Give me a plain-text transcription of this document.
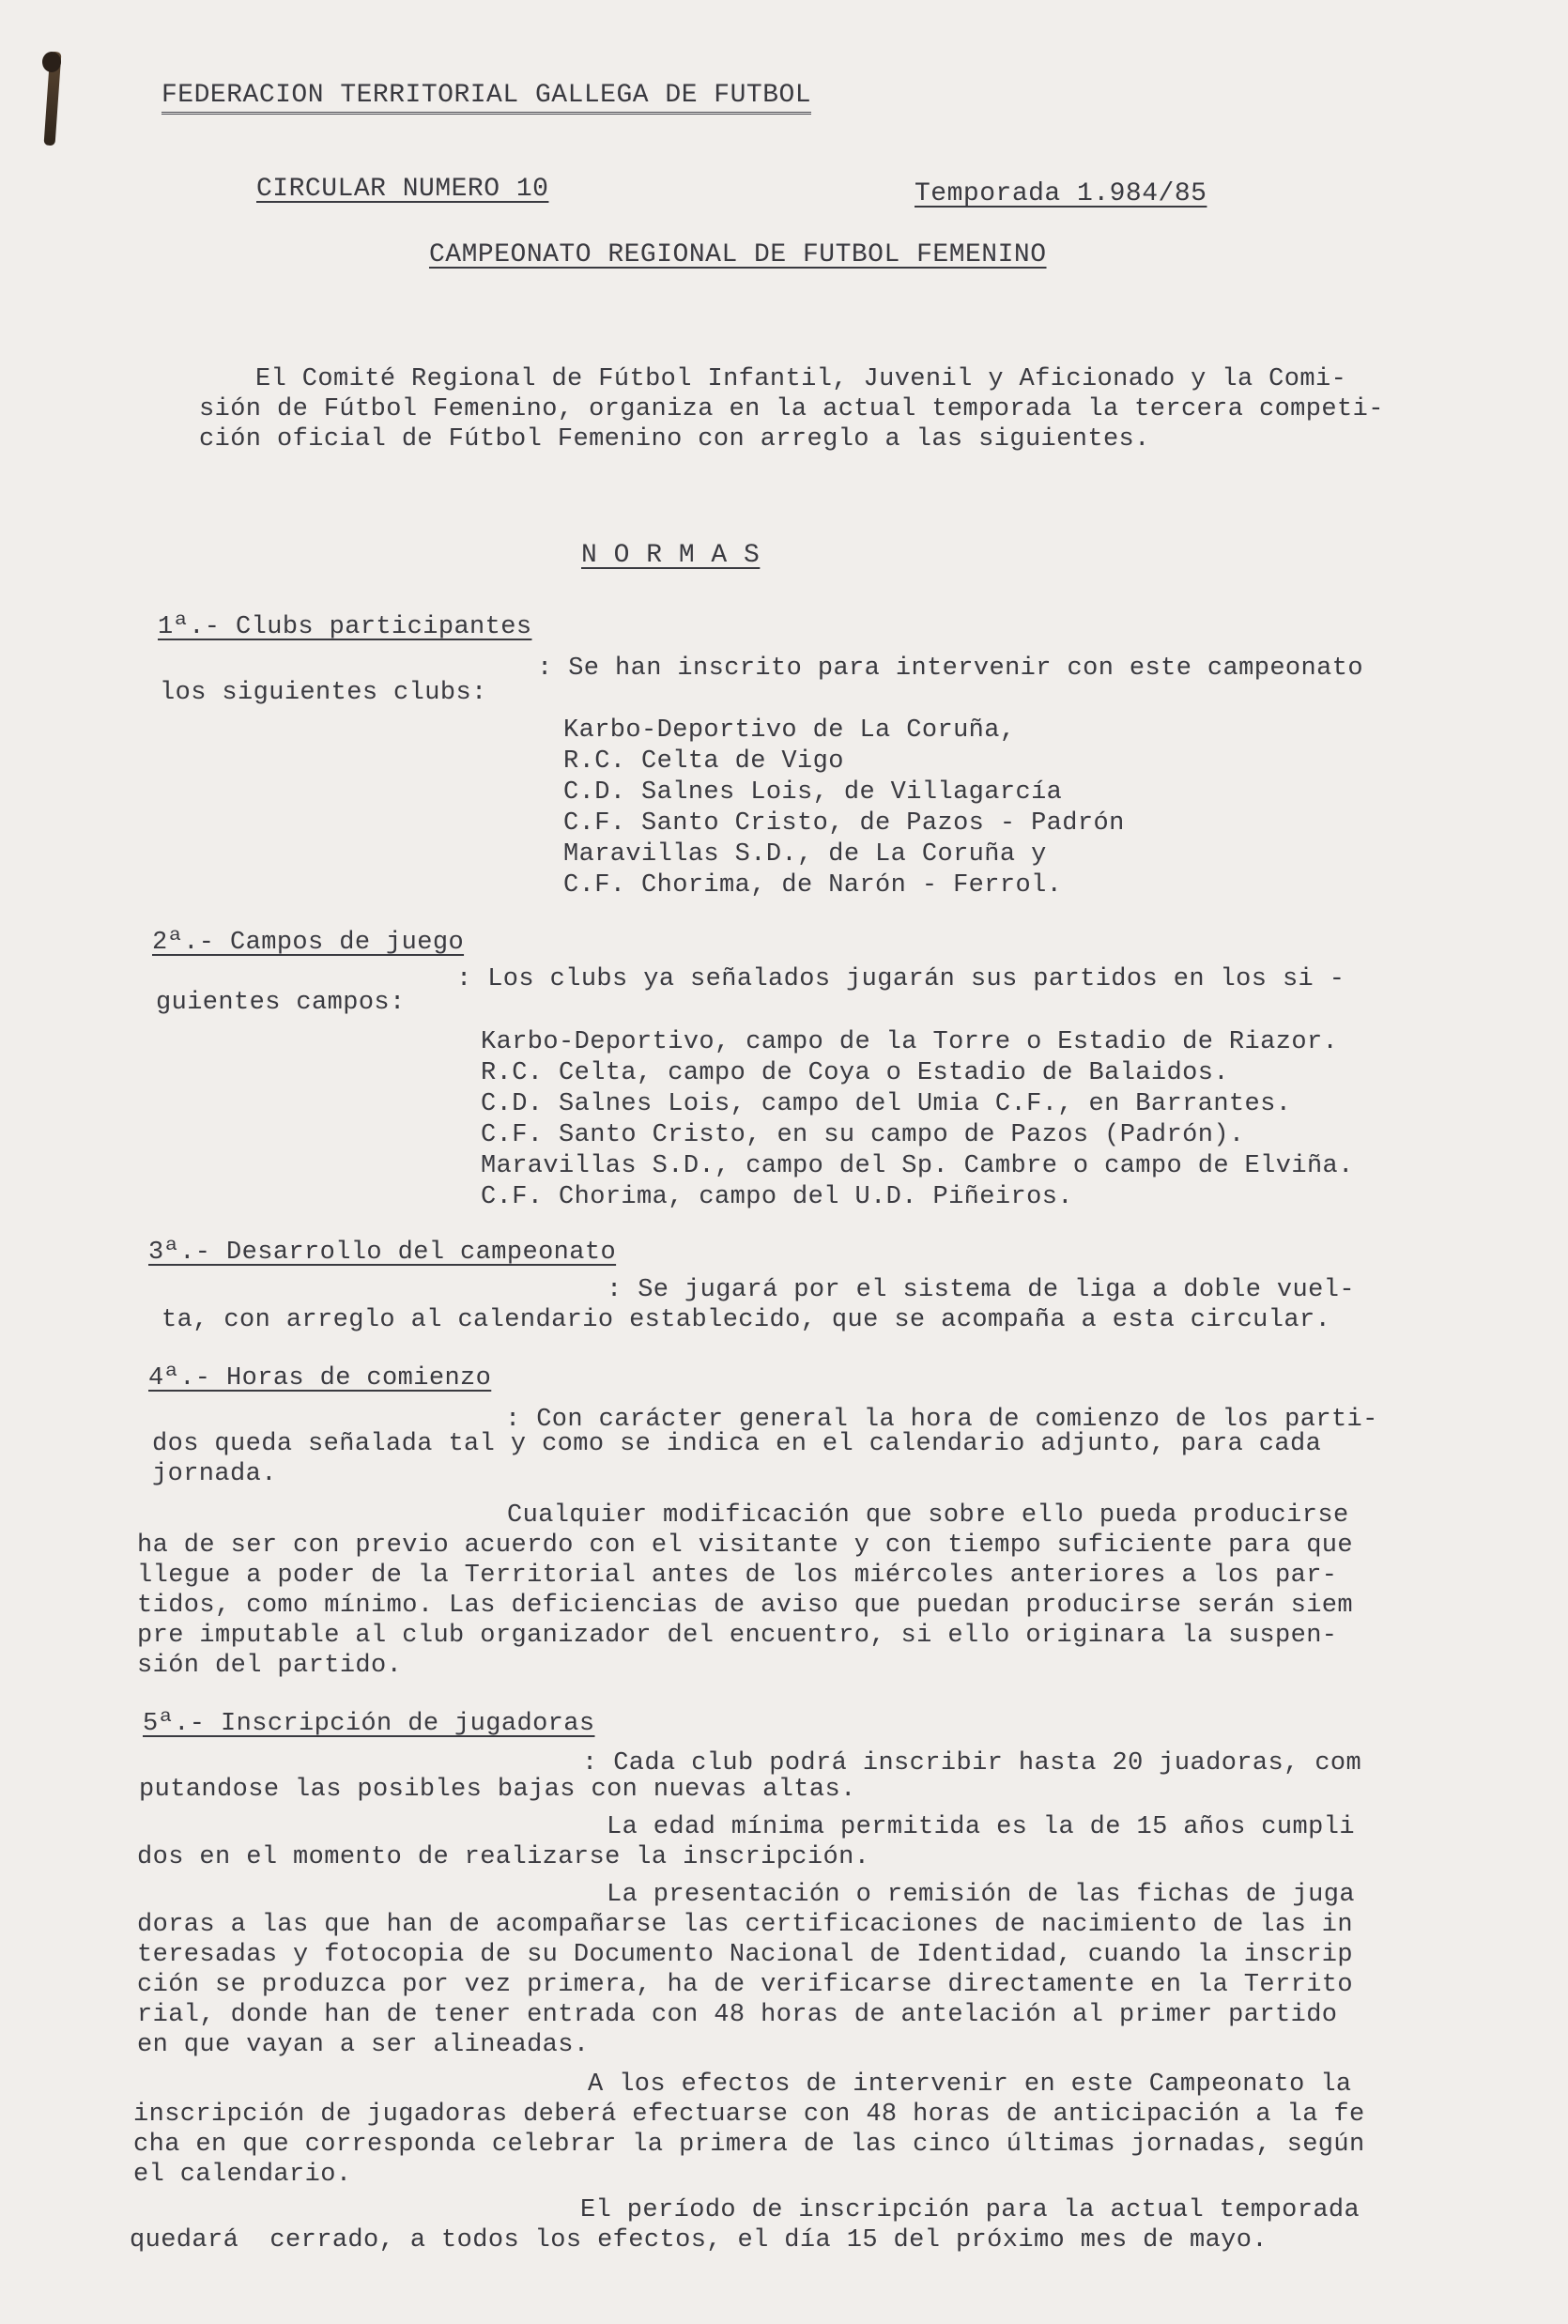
FEDERACION TERRITORIAL GALLEGA DE FUTBOL
CIRCULAR NUMERO 10	Temporada 1.984/85
CAMPEONATO REGIONAL DE FUTBOL FEMENINO
El Comité Regional de Fútbol Infantil, Juvenil y Aficionado y la Comi-
sión de Fútbol Femenino, organiza en la actual temporada la tercera competi-
ción oficial de Fútbol Femenino con arreglo a las siguientes.
N O R M A S
1ª.- Clubs participantes
: Se han inscrito para intervenir con este campeonato
los siguientes clubs:
Karbo-Deportivo de La Coruña,
R.C. Celta de Vigo
C.D. Salnes Lois, de Villagarcía
C.F. Santo Cristo, de Pazos - Padrón
Maravillas S.D., de La Coruña y
C.F. Chorima, de Narón - Ferrol.
2ª.- Campos de juego
: Los clubs ya señalados jugarán sus partidos en los si -
guientes campos:
Karbo-Deportivo, campo de la Torre o Estadio de Riazor.
R.C. Celta, campo de Coya o Estadio de Balaidos.
C.D. Salnes Lois, campo del Umia C.F., en Barrantes.
C.F. Santo Cristo, en su campo de Pazos (Padrón).
Maravillas S.D., campo del Sp. Cambre o campo de Elviña.
C.F. Chorima, campo del U.D. Piñeiros.
3ª.- Desarrollo del campeonato
: Se jugará por el sistema de liga a doble vuel-
ta, con arreglo al calendario establecido, que se acompaña a esta circular.
4ª.- Horas de comienzo
: Con carácter general la hora de comienzo de los parti-
dos queda señalada tal y como se indica en el calendario adjunto, para cada
jornada.
Cualquier modificación que sobre ello pueda producirse
ha de ser con previo acuerdo con el visitante y con tiempo suficiente para que
llegue a poder de la Territorial antes de los miércoles anteriores a los par-
tidos, como mínimo. Las deficiencias de aviso que puedan producirse serán siem
pre imputable al club organizador del encuentro, si ello originara la suspen-
sión del partido.
5ª.- Inscripción de jugadoras
: Cada club podrá inscribir hasta 20 juadoras, com
putandose las posibles bajas con nuevas altas.
La edad mínima permitida es la de 15 años cumpli
dos en el momento de realizarse la inscripción.
La presentación o remisión de las fichas de juga
doras a las que han de acompañarse las certificaciones de nacimiento de las in
teresadas y fotocopia de su Documento Nacional de Identidad, cuando la inscrip
ción se produzca por vez primera, ha de verificarse directamente en la Territo
rial, donde han de tener entrada con 48 horas de antelación al primer partido
en que vayan a ser alineadas.
A los efectos de intervenir en este Campeonato la
inscripción de jugadoras deberá efectuarse con 48 horas de anticipación a la fe
cha en que corresponda celebrar la primera de las cinco últimas jornadas, según
el calendario.
El período de inscripción para la actual temporada
quedará  cerrado, a todos los efectos, el día 15 del próximo mes de mayo.
